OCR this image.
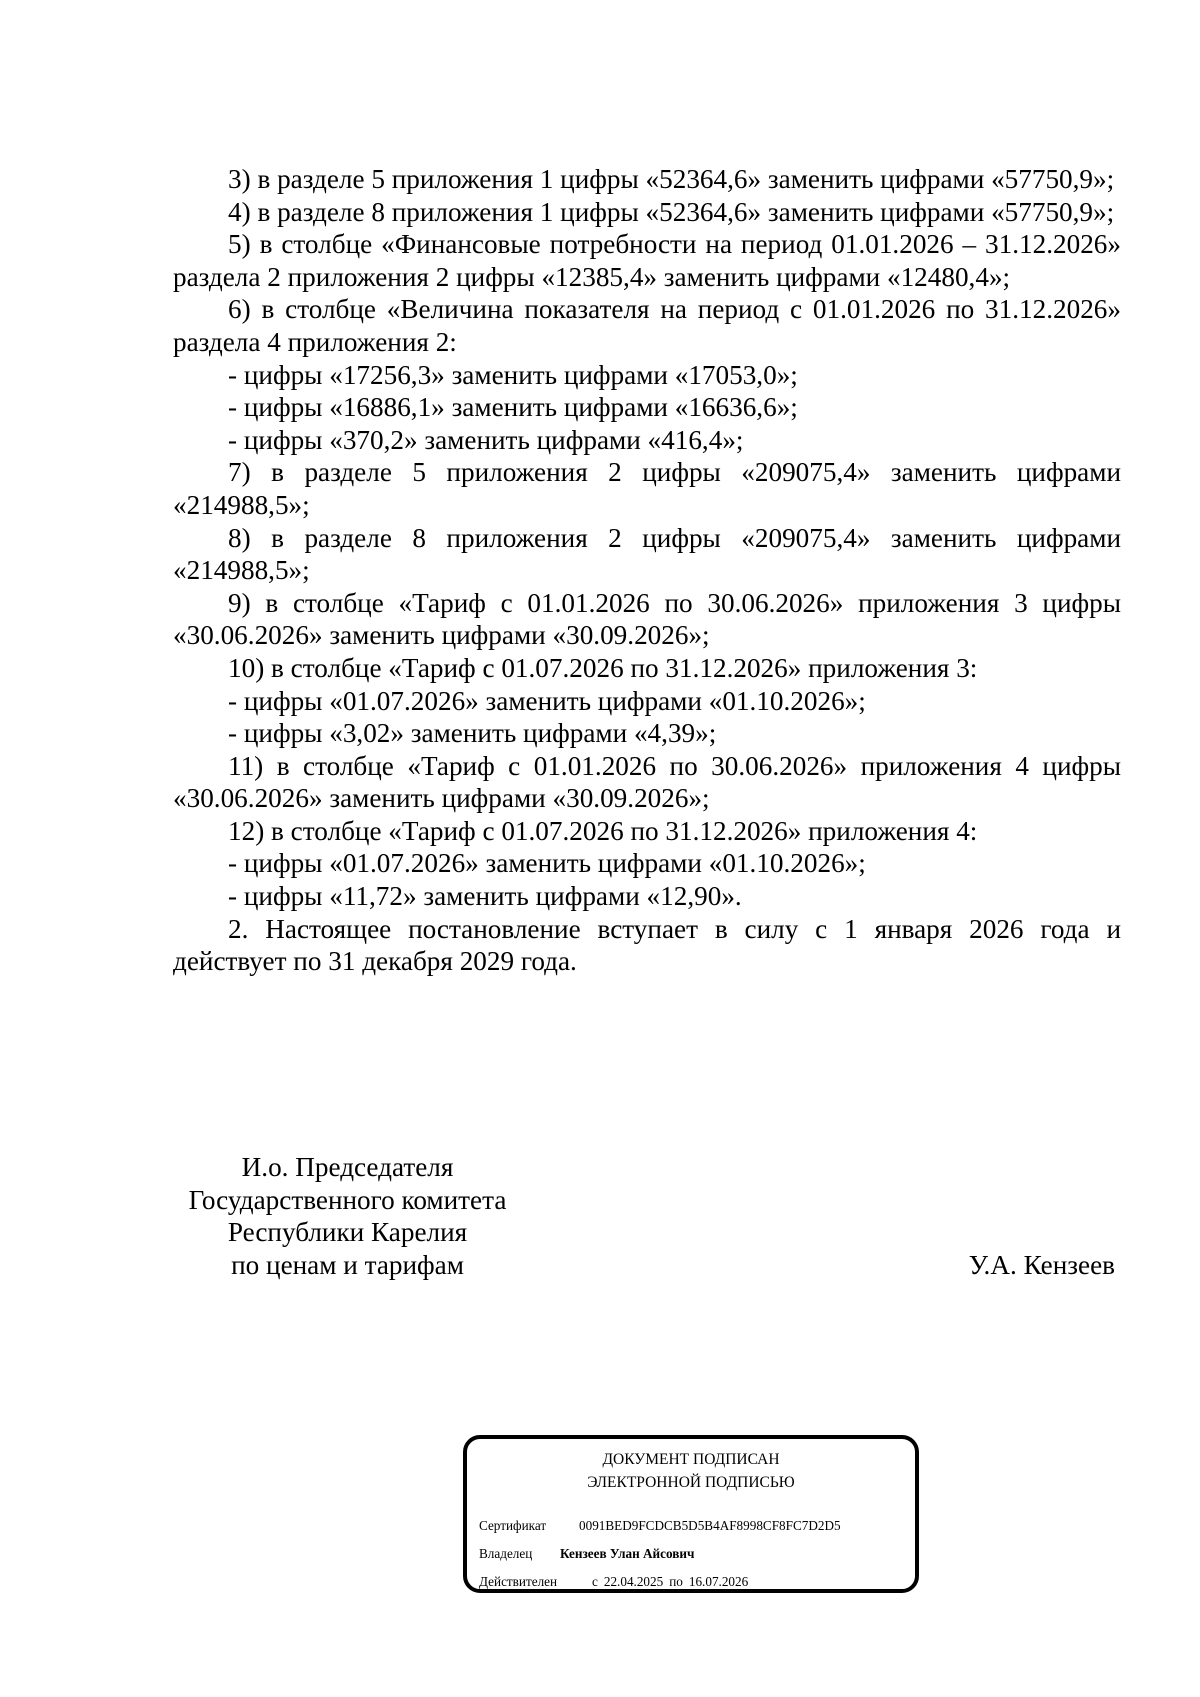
3) в разделе 5 приложения 1 цифры «52364,6» заменить цифрами «57750,9»;

4) в разделе 8 приложения 1 цифры «52364,6» заменить цифрами «57750,9»;

5) в столбце «Финансовые потребности на период 01.01.2026 – 31.12.2026» раздела 2 приложения 2 цифры «12385,4» заменить цифрами «12480,4»;

6) в столбце «Величина показателя на период с 01.01.2026 по 31.12.2026» раздела 4 приложения 2:

- цифры «17256,3» заменить цифрами «17053,0»;

- цифры «16886,1» заменить цифрами «16636,6»;

- цифры «370,2» заменить цифрами «416,4»;

7) в разделе 5 приложения 2 цифры «209075,4» заменить цифрами «214988,5»;

8) в разделе 8 приложения 2 цифры «209075,4» заменить цифрами «214988,5»;

9) в столбце «Тариф с 01.01.2026 по 30.06.2026» приложения 3 цифры «30.06.2026» заменить цифрами «30.09.2026»;

10) в столбце «Тариф с 01.07.2026 по 31.12.2026» приложения 3:

- цифры «01.07.2026» заменить цифрами «01.10.2026»;

- цифры «3,02» заменить цифрами «4,39»;

11) в столбце «Тариф с 01.01.2026 по 30.06.2026» приложения 4 цифры «30.06.2026» заменить цифрами «30.09.2026»;

12) в столбце «Тариф с 01.07.2026 по 31.12.2026» приложения 4:

- цифры «01.07.2026» заменить цифрами «01.10.2026»;

- цифры «11,72» заменить цифрами «12,90».

2. Настоящее постановление вступает в силу с 1 января 2026 года и действует по 31 декабря 2029 года.

И.о. Председателя
Государственного комитета
Республики Карелия
по ценам и тарифам	У.А. Кензеев
ДОКУМЕНТ ПОДПИСАН
ЭЛЕКТРОННОЙ ПОДПИСЬЮ
Сертификат 0091BED9FCDCB5D5B4AF8998CF8FC7D2D5
Владелец Кензеев Улан Айсович
Действителен	с 22.04.2025 по 16.07.2026
